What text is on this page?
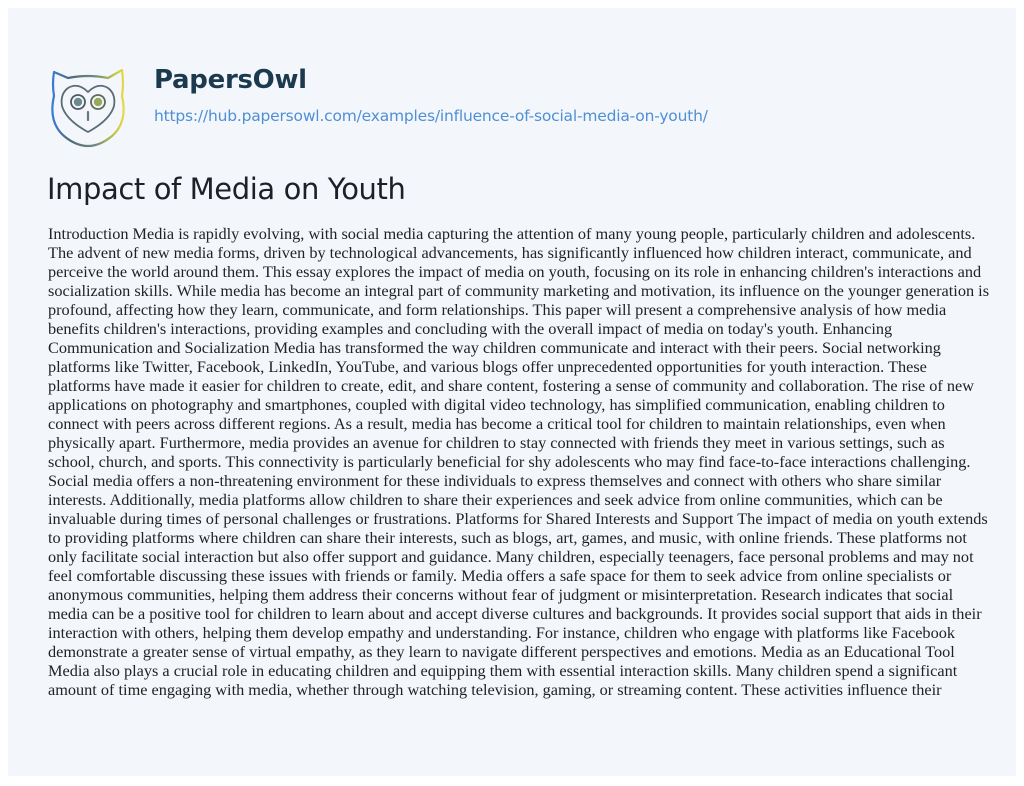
PapersOwl
https://hub.papersowl.com/examples/influence-of-social-media-on-youth/
Impact of Media on Youth
Introduction Media is rapidly evolving, with social media capturing the attention of many young people, particularly children and adolescents.
The advent of new media forms, driven by technological advancements, has significantly influenced how children interact, communicate, and
perceive the world around them. This essay explores the impact of media on youth, focusing on its role in enhancing children's interactions and
socialization skills. While media has become an integral part of community marketing and motivation, its influence on the younger generation is
profound, affecting how they learn, communicate, and form relationships. This paper will present a comprehensive analysis of how media
benefits children's interactions, providing examples and concluding with the overall impact of media on today's youth. Enhancing
Communication and Socialization Media has transformed the way children communicate and interact with their peers. Social networking
platforms like Twitter, Facebook, LinkedIn, YouTube, and various blogs offer unprecedented opportunities for youth interaction. These
platforms have made it easier for children to create, edit, and share content, fostering a sense of community and collaboration. The rise of new
applications on photography and smartphones, coupled with digital video technology, has simplified communication, enabling children to
connect with peers across different regions. As a result, media has become a critical tool for children to maintain relationships, even when
physically apart. Furthermore, media provides an avenue for children to stay connected with friends they meet in various settings, such as
school, church, and sports. This connectivity is particularly beneficial for shy adolescents who may find face-to-face interactions challenging.
Social media offers a non-threatening environment for these individuals to express themselves and connect with others who share similar
interests. Additionally, media platforms allow children to share their experiences and seek advice from online communities, which can be
invaluable during times of personal challenges or frustrations. Platforms for Shared Interests and Support The impact of media on youth extends
to providing platforms where children can share their interests, such as blogs, art, games, and music, with online friends. These platforms not
only facilitate social interaction but also offer support and guidance. Many children, especially teenagers, face personal problems and may not
feel comfortable discussing these issues with friends or family. Media offers a safe space for them to seek advice from online specialists or
anonymous communities, helping them address their concerns without fear of judgment or misinterpretation. Research indicates that social
media can be a positive tool for children to learn about and accept diverse cultures and backgrounds. It provides social support that aids in their
interaction with others, helping them develop empathy and understanding. For instance, children who engage with platforms like Facebook
demonstrate a greater sense of virtual empathy, as they learn to navigate different perspectives and emotions. Media as an Educational Tool
Media also plays a crucial role in educating children and equipping them with essential interaction skills. Many children spend a significant
amount of time engaging with media, whether through watching television, gaming, or streaming content. These activities influence their
